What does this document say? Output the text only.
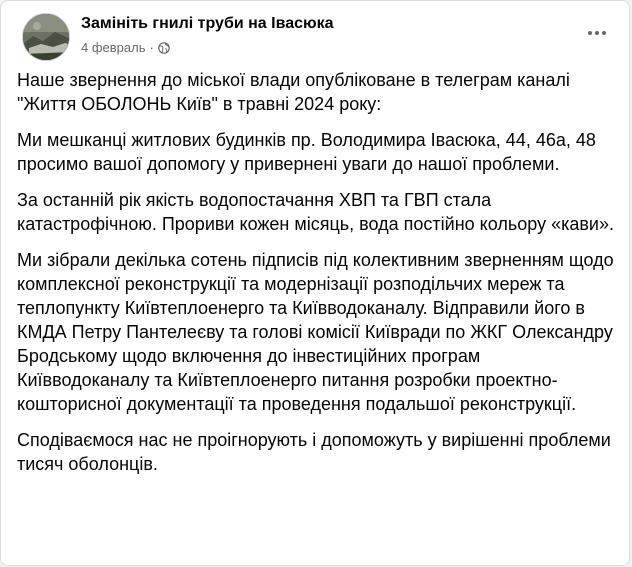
Замініть гнилі труби на Івасюка
4 февраль ·

Наше звернення до міської влади опубліковане в телеграм каналі "Життя ОБОЛОНЬ Київ" в травні 2024 року:

Ми мешканці житлових будинків пр. Володимира Івасюка, 44, 46а, 48 просимо вашої допомогу у привернені уваги до нашої проблеми.

За останній рік якість водопостачання ХВП та ГВП стала катастрофічною. Прориви кожен місяць, вода постійно кольору «кави».

Ми зібрали декілька сотень підписів під колективним зверненням щодо комплексної реконструкції та модернізації розподільчих мереж та теплопункту Київтеплоенерго та Київводоканалу. Відправили його в КМДА Петру Пантелеєву та голові комісії Київради по ЖКГ Олександру Бродському щодо включення до інвестиційних програм Київводоканалу та Київтеплоенерго питання розробки проектно-кошторисної документації та проведення подальшої реконструкції.

Сподіваємося нас не проігнорують і допоможуть у вирішенні проблеми тисяч оболонців.
